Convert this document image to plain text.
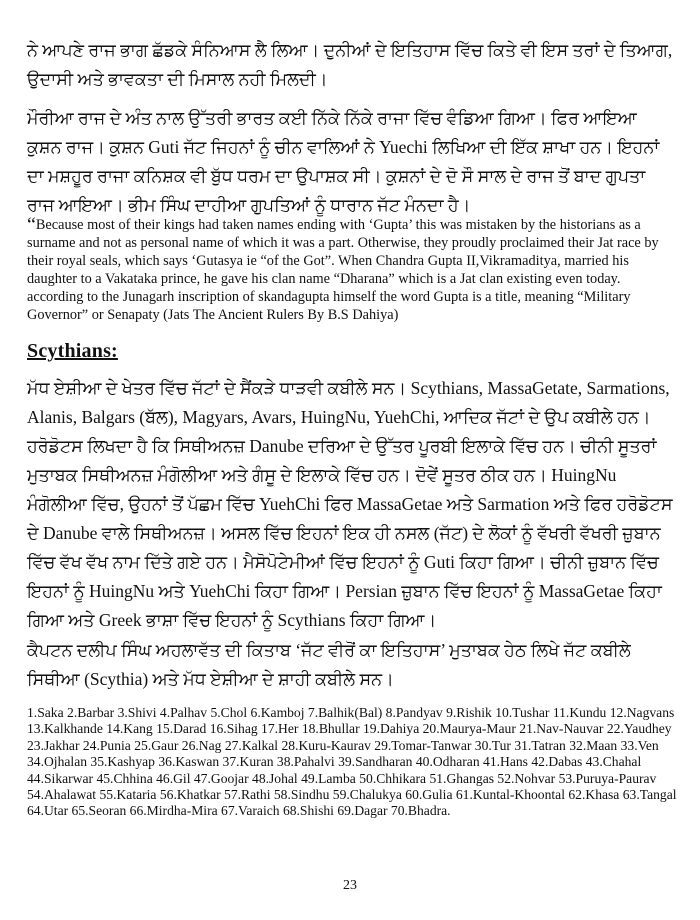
ਨੇ ਆਪਣੇ ਰਾਜ ਭਾਗ ਛੱਡਕੇ ਸੰਨਿਆਸ ਲੈ ਲਿਆ। ਦੁਨੀਆਂ ਦੇ ਇਤਿਹਾਸ ਵਿੱਚ ਕਿਤੇ ਵੀ ਇਸ ਤਰਾਂ ਦੇ ਤਿਆਗ, ਉਦਾਸੀ ਅਤੇ ਭਾਵਕਤਾ ਦੀ ਮਿਸਾਲ ਨਹੀ ਮਿਲਦੀ।

ਮੌਰੀਆ ਰਾਜ ਦੇ ਅੰਤ ਨਾਲ ਉੱਤਰੀ ਭਾਰਤ ਕਈ ਨਿੱਕੇ ਨਿੱਕੇ ਰਾਜਾ ਵਿੱਚ ਵੰਡਿਆ ਗਿਆ। ਫਿਰ ਆਇਆ ਕੁਸ਼ਨ ਰਾਜ। ਕੁਸ਼ਨ Guti ਜੱਟ ਜਿਹਨਾਂ ਨੂੰ ਚੀਨ ਵਾਲਿਆਂ ਨੇ Yuechi ਲਿਖਿਆ ਦੀ ਇੱਕ ਸ਼ਾਖਾ ਹਨ। ਇਹਨਾਂ ਦਾ ਮਸ਼ਹੂਰ ਰਾਜਾ ਕਨਿਸ਼ਕ ਵੀ ਬੁੱਧ ਧਰਮ ਦਾ ਉਪਾਸ਼ਕ ਸੀ। ਕੁਸ਼ਨਾਂ ਦੇ ਦੋ ਸੌ ਸਾਲ ਦੇ ਰਾਜ ਤੋਂ ਬਾਦ ਗੁਪਤਾ ਰਾਜ ਆਇਆ। ਭੀਮ ਸਿੰਘ ਦਾਹੀਆ ਗੁਪਤਿਆਂ ਨੂੰ ਧਾਰਾਨ ਜੱਟ ਮੰਨਦਾ ਹੈ।

“Because most of their kings had taken names ending with ‘Gupta’ this was mistaken by the historians as a surname and not as personal name of which it was a part. Otherwise, they proudly proclaimed their Jat race by their royal seals, which says ‘Gutasya ie “of the Got”. When Chandra Gupta II,Vikramaditya, married his daughter to a Vakataka prince, he gave his clan name “Dharana” which is a Jat clan existing even today. according to the Junagarh inscription of skandagupta himself the word Gupta is a title, meaning “Military Governor” or Senapaty (Jats The Ancient Rulers By B.S Dahiya)

Scythians:

ਮੱਧ ਏਸ਼ੀਆ ਦੇ ਖੇਤਰ ਵਿੱਚ ਜੱਟਾਂ ਦੇ ਸੈਂਕੜੇ ਧਾੜਵੀ ਕਬੀਲੇ ਸਨ। Scythians, MassaGetate, Sarmations, Alanis, Balgars (ਬੱਲ), Magyars, Avars, HuingNu, YuehChi, ਆਦਿਕ ਜੱਟਾਂ ਦੇ ਉਪ ਕਬੀਲੇ ਹਨ। ਹਰੋਡੋਟਸ ਲਿਖਦਾ ਹੈ ਕਿ ਸਿਥੀਅਨਜ਼ Danube ਦਰਿਆ ਦੇ ਉੱਤਰ ਪੂਰਬੀ ਇਲਾਕੇ ਵਿੱਚ ਹਨ। ਚੀਨੀ ਸੂਤਰਾਂ ਮੁਤਾਬਕ ਸਿਥੀਅਨਜ਼ ਮੰਗੋਲੀਆ ਅਤੇ ਗੰਸੂ ਦੇ ਇਲਾਕੇ ਵਿੱਚ ਹਨ। ਦੋਵੇਂ ਸੂਤਰ ਠੀਕ ਹਨ। HuingNu ਮੰਗੋਲੀਆ ਵਿੱਚ, ਉਹਨਾਂ ਤੋਂ ਪੱਛਮ ਵਿੱਚ YuehChi ਫਿਰ MassaGetae ਅਤੇ Sarmation ਅਤੇ ਫਿਰ ਹਰੋਡੋਟਸ ਦੇ Danube ਵਾਲੇ ਸਿਥੀਅਨਜ਼। ਅਸਲ ਵਿੱਚ ਇਹਨਾਂ ਇਕ ਹੀ ਨਸਲ (ਜੱਟ) ਦੇ ਲੋਕਾਂ ਨੂੰ ਵੱਖਰੀ ਵੱਖਰੀ ਜ਼ੁਬਾਨ ਵਿੱਚ ਵੱਖ ਵੱਖ ਨਾਮ ਦਿੱਤੇ ਗਏ ਹਨ। ਮੈਸੋਪੋਟੇਮੀਆਂ ਵਿੱਚ ਇਹਨਾਂ ਨੂੰ Guti ਕਿਹਾ ਗਿਆ। ਚੀਨੀ ਜ਼ੁਬਾਨ ਵਿੱਚ ਇਹਨਾਂ ਨੂੰ HuingNu ਅਤੇ YuehChi ਕਿਹਾ ਗਿਆ। Persian ਜ਼ੁਬਾਨ ਵਿੱਚ ਇਹਨਾਂ ਨੂੰ MassaGetae ਕਿਹਾ ਗਿਆ ਅਤੇ Greek ਭਾਸ਼ਾ ਵਿੱਚ ਇਹਨਾਂ ਨੂੰ Scythians ਕਿਹਾ ਗਿਆ।

ਕੈਪਟਨ ਦਲੀਪ ਸਿੰਘ ਅਹਲਾਵੱਤ ਦੀ ਕਿਤਾਬ ‘ਜੱਟ ਵੀਰੋਂ ਕਾ ਇਤਿਹਾਸ’ ਮੁਤਾਬਕ ਹੇਠ ਲਿਖੇ ਜੱਟ ਕਬੀਲੇ ਸਿਥੀਆ (Scythia) ਅਤੇ ਮੱਧ ਏਸ਼ੀਆ ਦੇ ਸ਼ਾਹੀ ਕਬੀਲੇ ਸਨ।

1.Saka 2.Barbar 3.Shivi 4.Palhav 5.Chol 6.Kamboj 7.Balhik(Bal) 8.Pandyav 9.Rishik 10.Tushar 11.Kundu 12.Nagvans 13.Kalkhande 14.Kang 15.Darad 16.Sihag 17.Her 18.Bhullar 19.Dahiya 20.Maurya-Maur 21.Nav-Nauvar 22.Yaudhey 23.Jakhar 24.Punia 25.Gaur 26.Nag 27.Kalkal 28.Kuru-Kaurav 29.Tomar-Tanwar 30.Tur 31.Tatran 32.Maan 33.Ven 34.Ojhalan 35.Kashyap 36.Kaswan 37.Kuran 38.Pahalvi 39.Sandharan 40.Odharan 41.Hans 42.Dabas 43.Chahal 44.Sikarwar 45.Chhina 46.Gil 47.Goojar 48.Johal 49.Lamba 50.Chhikara 51.Ghangas 52.Nohvar 53.Puruya-Paurav 54.Ahalawat 55.Kataria 56.Khatkar 57.Rathi 58.Sindhu 59.Chalukya 60.Gulia 61.Kuntal-Khoontal 62.Khasa 63.Tangal 64.Utar 65.Seoran 66.Mirdha-Mira 67.Varaich 68.Shishi 69.Dagar 70.Bhadra.

23
